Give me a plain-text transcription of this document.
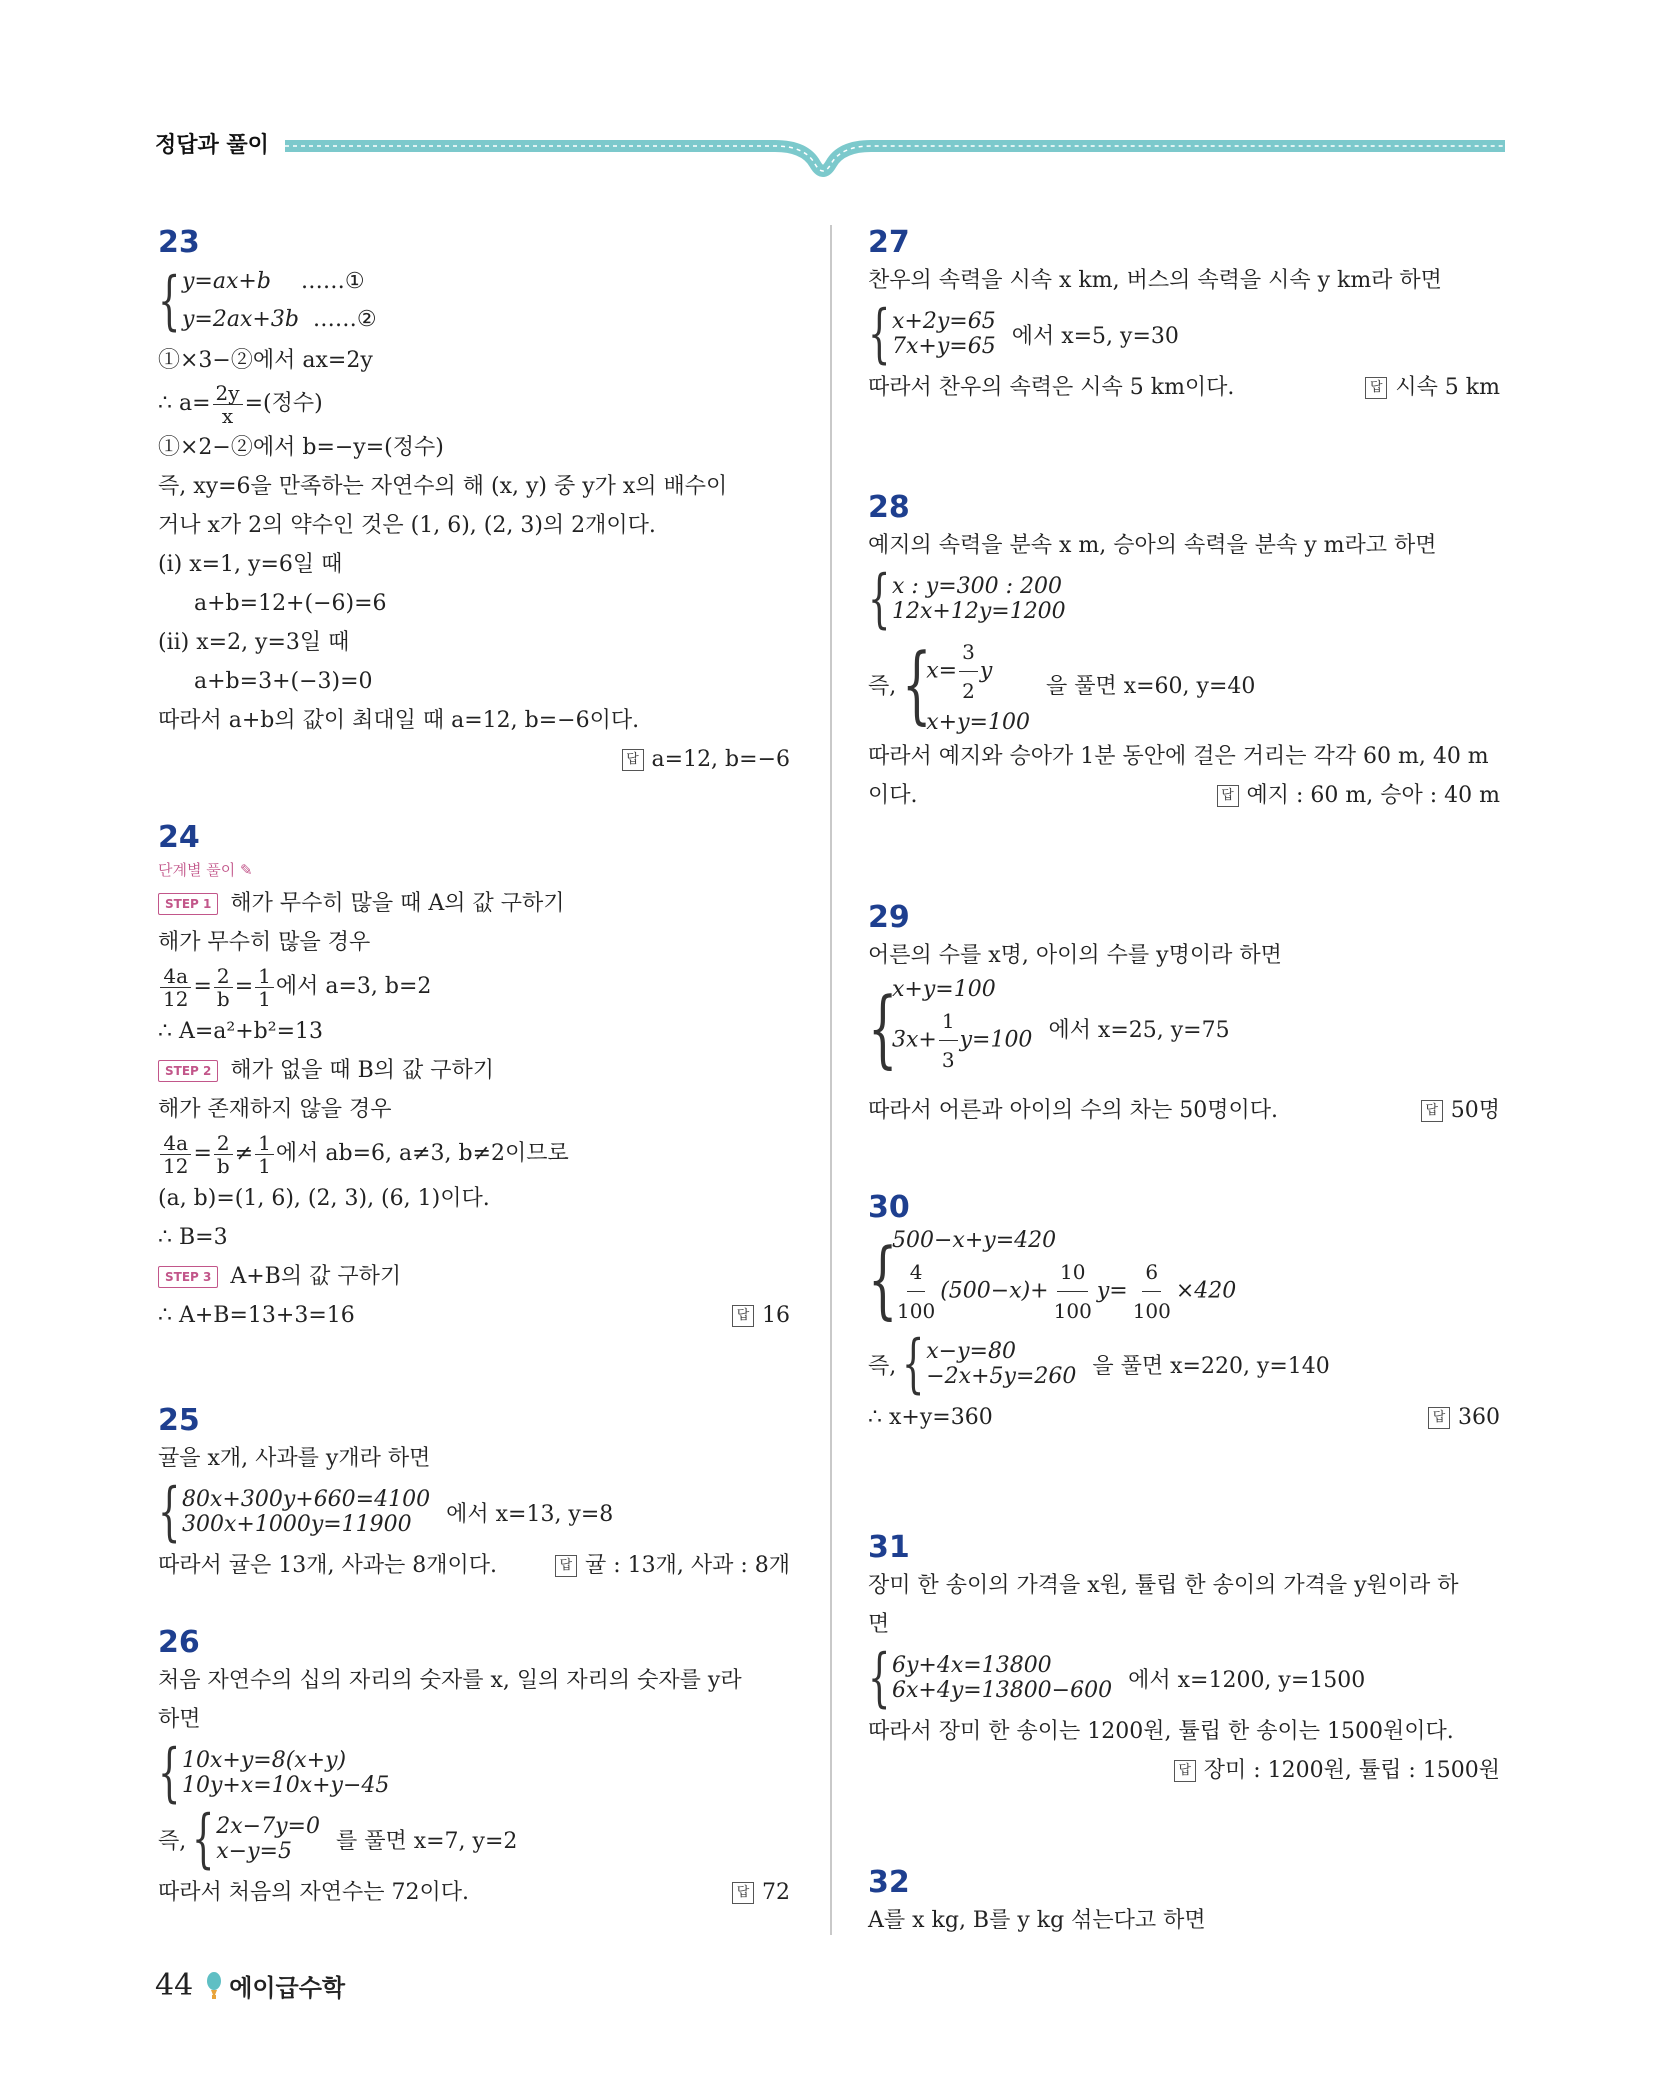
정답과 풀이
23
{ y=ax+b ……①
y=2ax+3b ……②
①×3−②에서 ax=2y
∴ $a= \frac{2y}{x}$ =(정수)
①×2−②에서 b=−y=(정수)
즉, xy=6을 만족하는 자연수의 해 (x, y) 중 y가 x의 배수이
거나 x가 2의 약수인 것은 (1, 6), (2, 3)의 2개이다.
(ⅰ) x=1, y=6일 때
a+b=12+(−6)=6
(ⅱ) x=2, y=3일 때
a+b=3+(−3)=0
따라서 a+b의 값이 최대일 때 a=12, b=−6이다.
답 a=12, b=−6

24
단계별 풀이 ✎
STEP 1 해가 무수히 많을 때 A의 값 구하기
해가 무수히 많을 경우
$\frac{4a}{12} = \frac{2}{b} = \frac{1}{1}$ 에서 a=3, b=2
∴ A=a²+b²=13
STEP 2 해가 없을 때 B의 값 구하기
해가 존재하지 않을 경우
$\frac{4a}{12} = \frac{2}{b} \ne \frac{1}{1}$ 에서 ab=6, a≠3, b≠2이므로
(a, b)=(1, 6), (2, 3), (6, 1)이다.
∴ B=3
STEP 3 A+B의 값 구하기
∴ A+B=13+3=16	답 16
25
귤을 x개, 사과를 y개라 하면
{ 80x+300y+660=4100
300x+1000y=11900	에서 x=13, y=8
따라서 귤은 13개, 사과는 8개이다.	답 귤 : 13개, 사과 : 8개
26
처음 자연수의 십의 자리의 숫자를 x, 일의 자리의 숫자를 y라
하면
{ 10x+y=8(x+y)
10y+x=10x+y−45
즉, { 2x−7y=0
x−y=5	를 풀면 x=7, y=2
따라서 처음의 자연수는 72이다.	답 72
27
찬우의 속력을 시속 x km, 버스의 속력을 시속 y km라 하면
{ x+2y=65
7x+y=65 에서 x=5, y=30
따라서 찬우의 속력은 시속 5 km이다.	답 시속 5 km
28
예지의 속력을 분속 x m, 승아의 속력을 분속 y m라고 하면
{ x : y=300 : 200
12x+12y=1200
즉, {
$x= \frac{3}{2}$ y
x+y=100
을 풀면 x=60, y=40
따라서 예지와 승아가 1분 동안에 걸은 거리는 각각 60 m, 40 m
이다.	답 예지 : 60 m, 승아 : 40 m
29
어른의 수를 x명, 아이의 수를 y명이라 하면
{
x+y=100
$3x+ \frac{1}{3} y=100$ 에서 x=25, y=75
따라서 어른과 아이의 수의 차는 50명이다.	답 50명
30
{
500−x+y=420
$\frac{4}{100} (500-x)+ \frac{10}{100} y= \frac{6}{100} \times 420$
즉, { x−y=80
−2x+5y=260 을 풀면 x=220, y=140
∴ x+y=360	답 360
31
장미 한 송이의 가격을 x원, 튤립 한 송이의 가격을 y원이라 하
면
{ 6y+4x=13800
6x+4y=13800−600 에서 x=1200, y=1500
따라서 장미 한 송이는 1200원, 튤립 한 송이는 1500원이다.

답 장미 : 1200원, 튤립 : 1500원
32
A를 x kg, B를 y kg 섞는다고 하면
44 에이급수학
